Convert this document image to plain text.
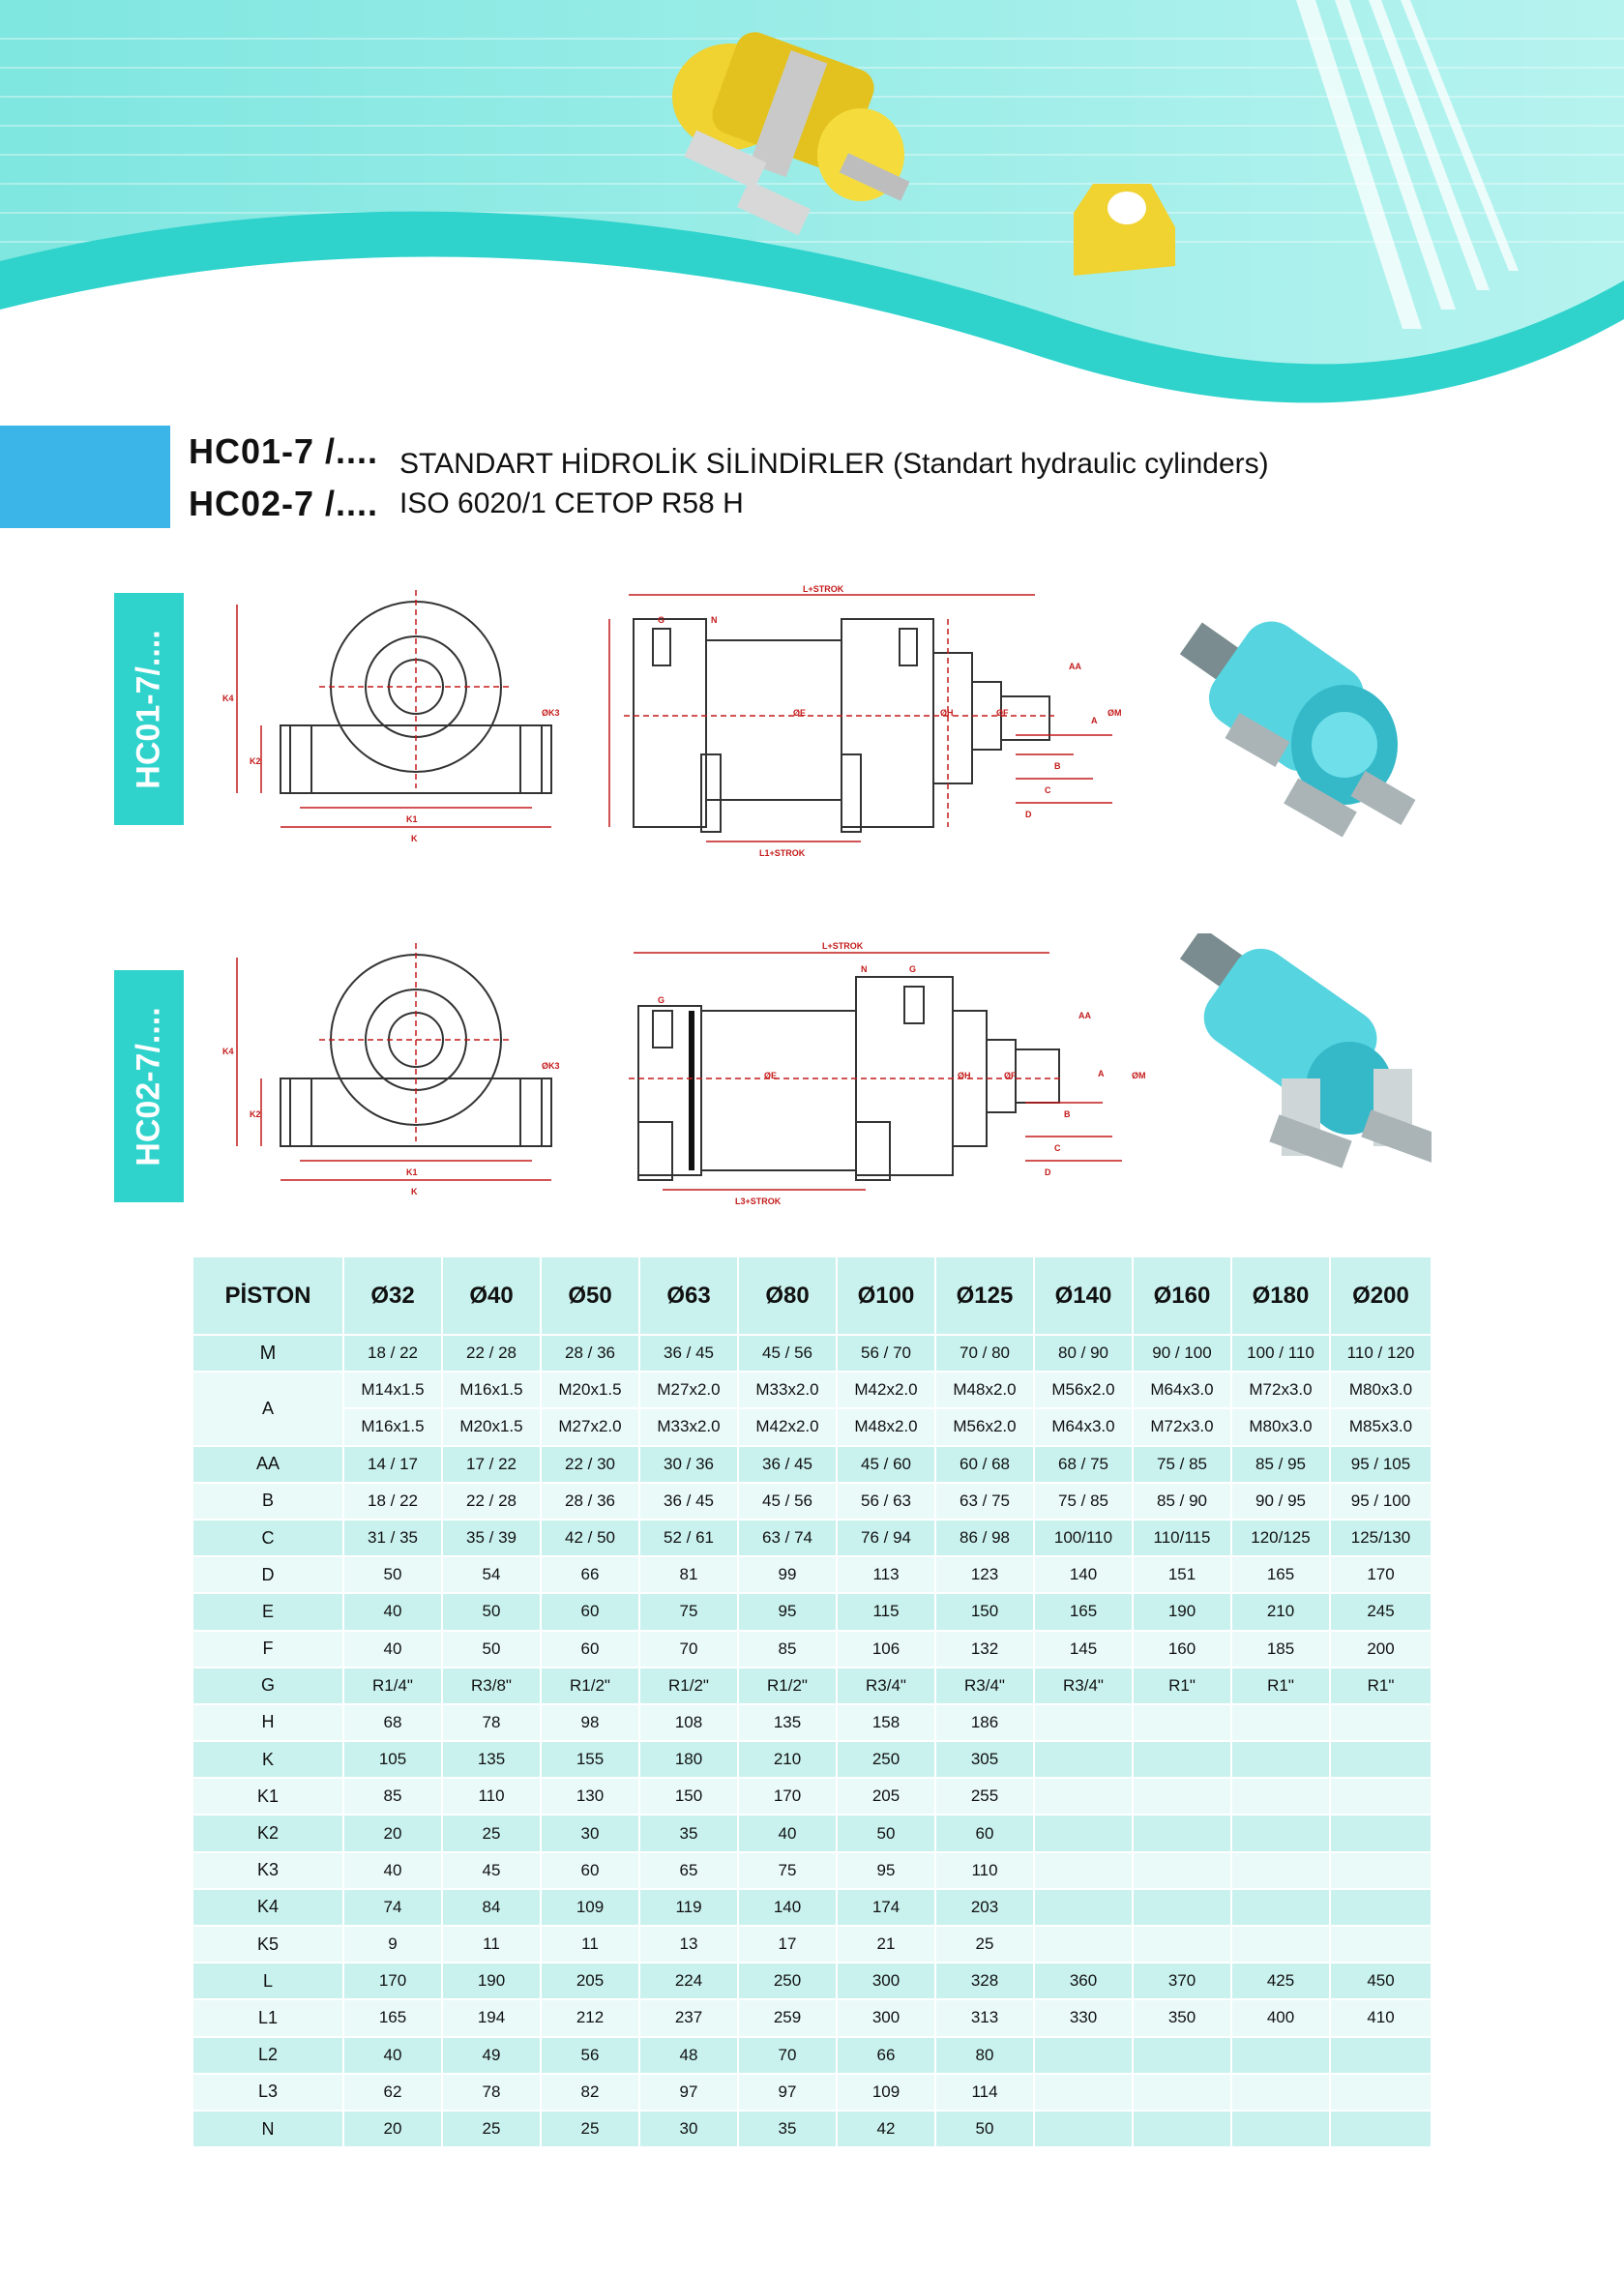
HC01-7 /....
HC02-7 /....
STANDART HİDROLİK SİLİNDİRLER (Standart hydraulic cylinders)
ISO 6020/1 CETOP R58 H
HC01-7/....
HC02-7/....
K4
K2
K1
K
ØK3
L+STROK
L1+STROK
G	N
AA
A
B
C
D
ØE	ØF
ØH	ØM
K4
K2
K1
K
ØK3
L+STROK
L3+STROK
G
N	G
AA
A
B
C
D
ØE	ØF
ØH	ØM
PİSTON	Ø32	Ø40	Ø50	Ø63	Ø80	Ø100	Ø125	Ø140	Ø160	Ø180	Ø200
M	18 / 22	22 / 28	28 / 36	36 / 45	45 / 56	56 / 70	70 / 80	80 / 90	90 / 100	100 / 110	110 / 120
A	M14x1.5	M16x1.5	M20x1.5	M27x2.0	M33x2.0	M42x2.0	M48x2.0	M56x2.0	M64x3.0	M72x3.0	M80x3.0
	M16x1.5	M20x1.5	M27x2.0	M33x2.0	M42x2.0	M48x2.0	M56x2.0	M64x3.0	M72x3.0	M80x3.0	M85x3.0
AA	14 / 17	17 / 22	22 / 30	30 / 36	36 / 45	45 / 60	60 / 68	68 / 75	75 / 85	85 / 95	95 / 105
B	18 / 22	22 / 28	28 / 36	36 / 45	45 / 56	56 / 63	63 / 75	75 / 85	85 / 90	90 / 95	95 / 100
C	31 / 35	35 / 39	42 / 50	52 / 61	63 / 74	76 / 94	86 / 98	100/110	110/115	120/125	125/130
D	50	54	66	81	99	113	123	140	151	165	170
E	40	50	60	75	95	115	150	165	190	210	245
F	40	50	60	70	85	106	132	145	160	185	200
G	R1/4"	R3/8"	R1/2"	R1/2"	R1/2"	R3/4"	R3/4"	R3/4"	R1"	R1"	R1"
H	68	78	98	108	135	158	186				
K	105	135	155	180	210	250	305				
K1	85	110	130	150	170	205	255				
K2	20	25	30	35	40	50	60				
K3	40	45	60	65	75	95	110				
K4	74	84	109	119	140	174	203				
K5	9	11	11	13	17	21	25				
L	170	190	205	224	250	300	328	360	370	425	450
L1	165	194	212	237	259	300	313	330	350	400	410
L2	40	49	56	48	70	66	80				
L3	62	78	82	97	97	109	114				
N	20	25	25	30	35	42	50				
